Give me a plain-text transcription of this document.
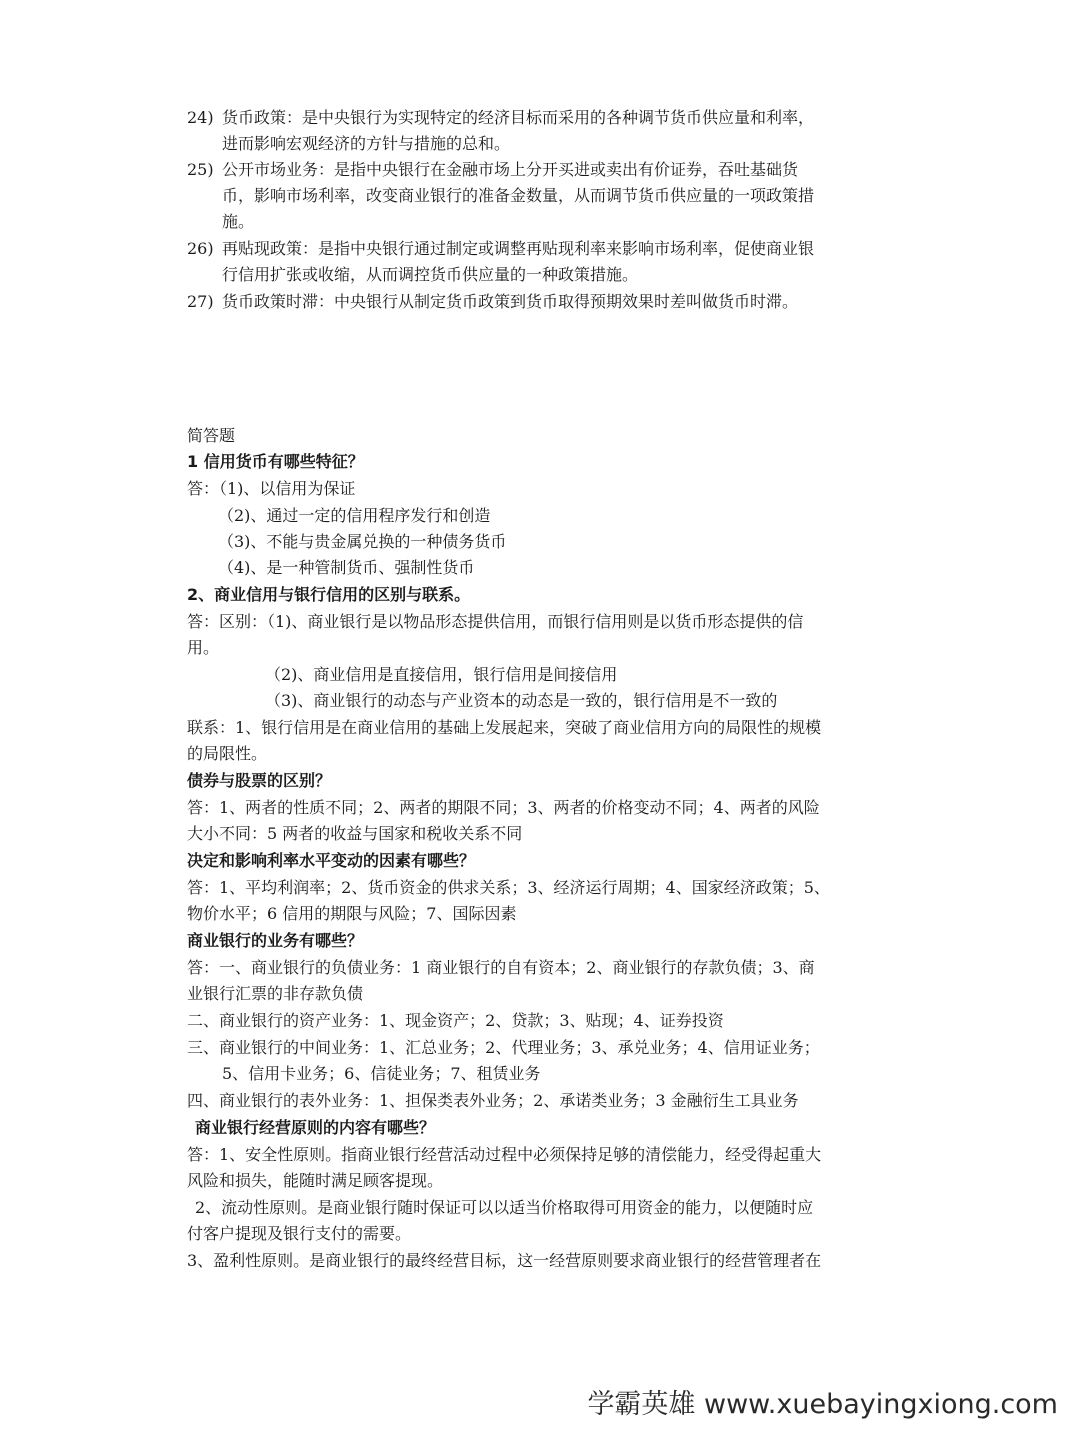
24) 货币政策：是中央银行为实现特定的经济目标而采用的各种调节货币供应量和利率，
进而影响宏观经济的方针与措施的总和。
25) 公开市场业务：是指中央银行在金融市场上分开买进或卖出有价证券，吞吐基础货
币，影响市场利率，改变商业银行的准备金数量，从而调节货币供应量的一项政策措
施。
26) 再贴现政策：是指中央银行通过制定或调整再贴现利率来影响市场利率，促使商业银
行信用扩张或收缩，从而调控货币供应量的一种政策措施。
27) 货币政策时滞：中央银行从制定货币政策到货币取得预期效果时差叫做货币时滞。
简答题
1 信用货币有哪些特征？
答：（1)、以信用为保证
（2)、通过一定的信用程序发行和创造
（3)、不能与贵金属兑换的一种债务货币
（4)、是一种管制货币、强制性货币
2、商业信用与银行信用的区别与联系。
答：区别：（1)、商业银行是以物品形态提供信用，而银行信用则是以货币形态提供的信
用。
（2)、商业信用是直接信用，银行信用是间接信用
（3)、商业银行的动态与产业资本的动态是一致的，银行信用是不一致的
联系：1、银行信用是在商业信用的基础上发展起来，突破了商业信用方向的局限性的规模
的局限性。
债券与股票的区别？
答：1、两者的性质不同；2、两者的期限不同；3、两者的价格变动不同；4、两者的风险
大小不同：5 两者的收益与国家和税收关系不同
决定和影响利率水平变动的因素有哪些？
答：1、平均利润率；2、货币资金的供求关系；3、经济运行周期；4、国家经济政策；5、
物价水平；6 信用的期限与风险；7、国际因素
商业银行的业务有哪些？
答：一、商业银行的负债业务：1 商业银行的自有资本；2、商业银行的存款负债；3、商
业银行汇票的非存款负债
二、商业银行的资产业务：1、现金资产；2、贷款；3、贴现；4、证券投资
三、商业银行的中间业务：1、汇总业务；2、代理业务；3、承兑业务；4、信用证业务；
5、信用卡业务；6、信徒业务；7、租赁业务
四、商业银行的表外业务：1、担保类表外业务；2、承诺类业务；3 金融衍生工具业务
商业银行经营原则的内容有哪些？
答：1、安全性原则。指商业银行经营活动过程中必须保持足够的清偿能力，经受得起重大
风险和损失，能随时满足顾客提现。
2、流动性原则。是商业银行随时保证可以以适当价格取得可用资金的能力，以便随时应
付客户提现及银行支付的需要。
3、盈利性原则。是商业银行的最终经营目标，这一经营原则要求商业银行的经营管理者在
学霸英雄 www.xuebayingxiong.com
